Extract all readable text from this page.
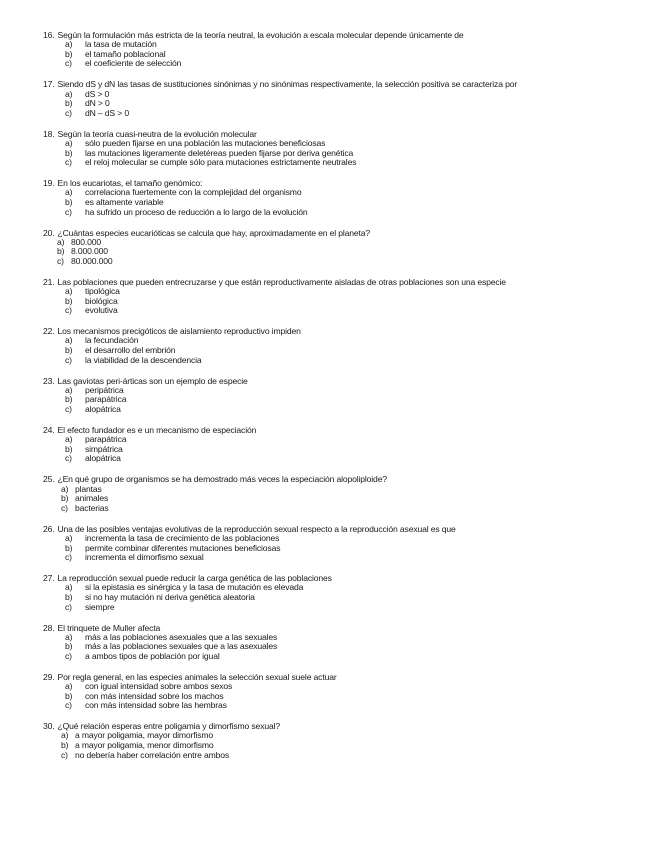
16. Según la formulación más estricta de la teoría neutral, la evolución a escala molecular depende únicamente de
a) la tasa de mutación
b) el tamaño poblacional
c) el coeficiente de selección
17. Siendo dS y dN las tasas de sustituciones sinónimas y no sinónimas respectivamente, la selección positiva se caracteriza por
a) dS > 0
b) dN > 0
c) dN – dS > 0
18. Según la teoría cuasi-neutra de la evolución molecular
a) sólo pueden fijarse en una población las mutaciones beneficiosas
b) las mutaciones ligeramente deletéreas pueden fijarse por deriva genética
c) el reloj molecular se cumple sólo para mutaciones estrictamente neutrales
19. En los eucariotas, el tamaño genómico:
a) correlaciona fuertemente con la complejidad del organismo
b) es altamente variable
c) ha sufrido un proceso de reducción a lo largo de la evolución
20. ¿Cuántas especies eucarióticas se calcula que hay, aproximadamente en el planeta?
a) 800.000
b) 8.000.000
c) 80.000.000
21. Las poblaciones que pueden entrecruzarse y que están reproductivamente aisladas de otras poblaciones son una especie
a) tipológica
b) biológica
c) evolutiva
22. Los mecanismos precigóticos de aislamiento reproductivo impiden
a) la fecundación
b) el desarrollo del embrión
c) la viabilidad de la descendencia
23. Las gaviotas peri-árticas son un ejemplo de especie
a) peripátrica
b) parapátrica
c) alopátrica
24. El efecto fundador es e un mecanismo de especiación
a) parapátrica
b) simpátrica
c) alopátrica
25. ¿En qué grupo de organismos se ha demostrado más veces la especiación alopoliploide?
a) plantas
b) animales
c) bacterias
26. Una de las posibles ventajas evolutivas de la reproducción sexual respecto a la reproducción asexual es que
a) incrementa la tasa de crecimiento de las poblaciones
b) permite combinar diferentes mutaciones beneficiosas
c) incrementa el dimorfismo sexual
27. La reproducción sexual puede reducir la carga genética de las poblaciones
a) si la epistasia es sinérgica y la tasa de mutación es elevada
b) si no hay mutación ni deriva genética aleatoria
c) siempre
28. El trinquete de Muller afecta
a) más a las poblaciones asexuales que a las sexuales
b) más a las poblaciones sexuales que a las asexuales
c) a ambos tipos de población por igual
29. Por regla general, en las especies animales la selección sexual suele actuar
a) con igual intensidad sobre ambos sexos
b) con más intensidad sobre los machos
c) con más intensidad sobre las hembras
30. ¿Qué relación esperas entre poligamia y dimorfismo sexual?
a) a mayor poligamia, mayor dimorfismo
b) a mayor poligamia, menor dimorfismo
c) no debería haber correlación entre ambos
